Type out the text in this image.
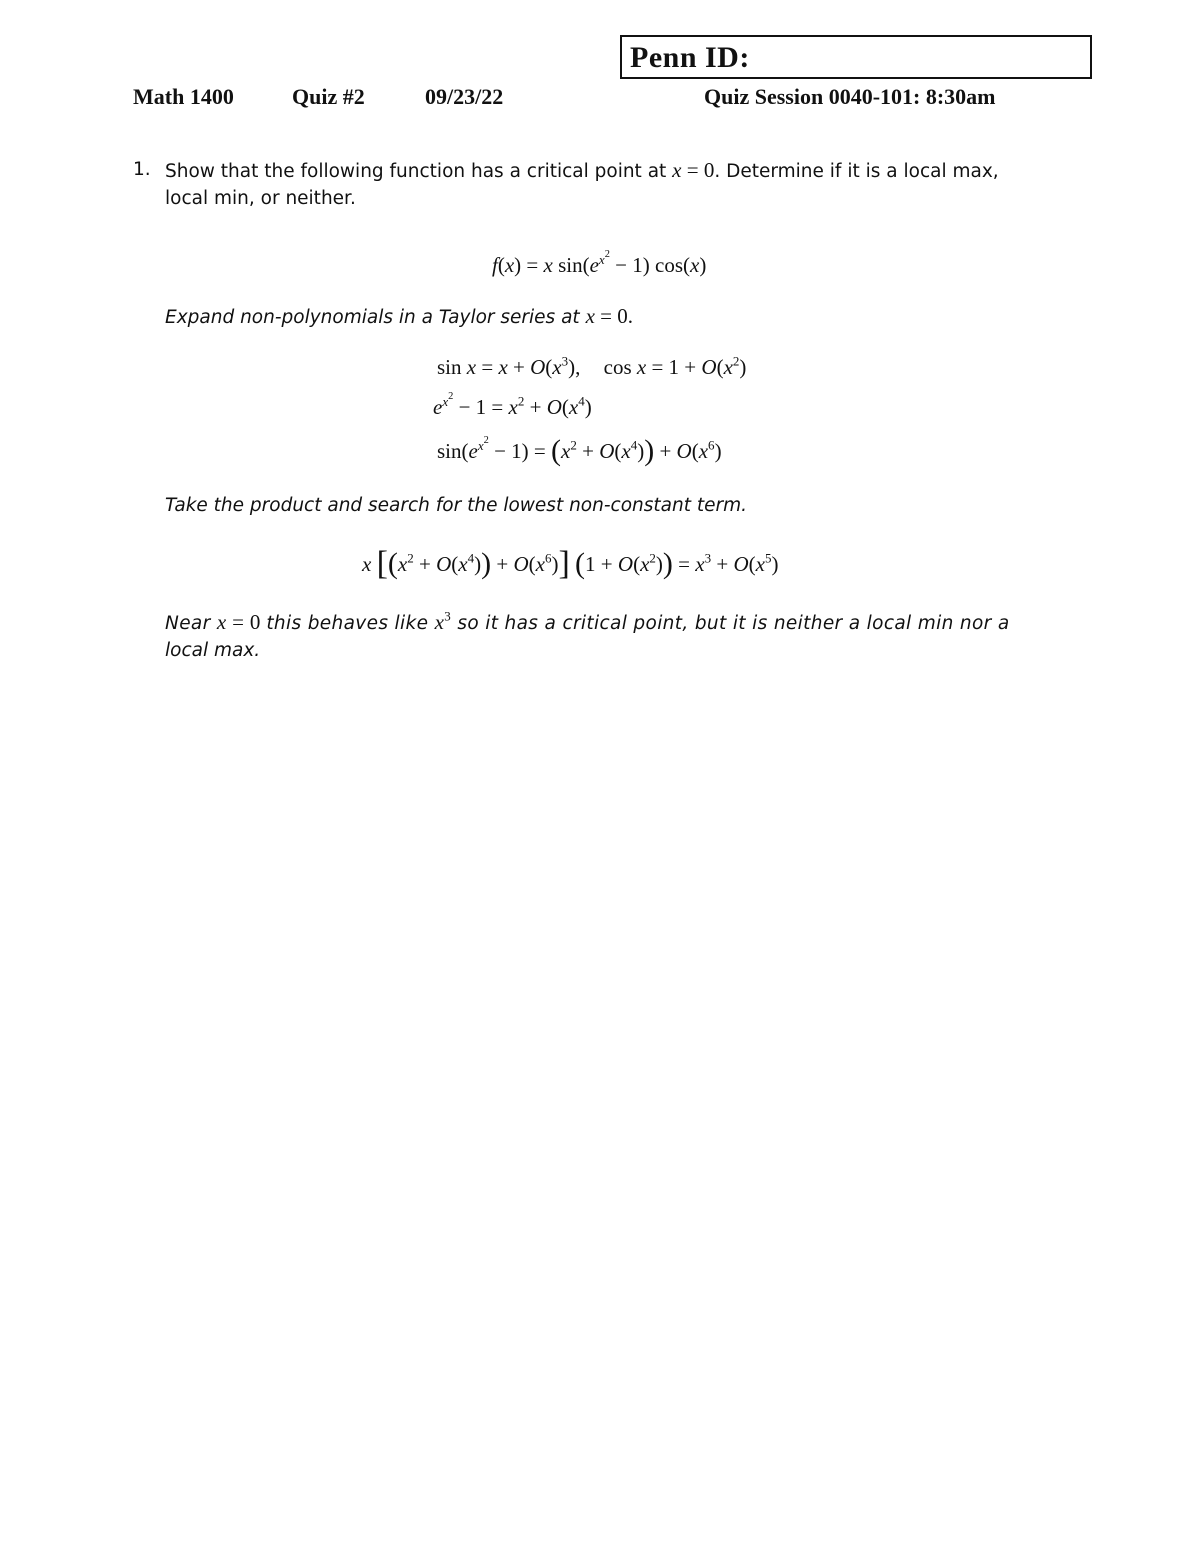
Penn ID:
Math 1400	Quiz #2	09/23/22	Quiz Session 0040-101: 8:30am
1. Show that the following function has a critical point at x = 0. Determine if it is a local max,
local min, or neither.
f(x) = x $\sin(e^{x^2} - 1)$ cos(x)
Expand non-polynomials in a Taylor series at x = 0.
$\sin x = x + O(x^3)$, $\cos x = 1 + O(x^2)$
$e^{x^2} - 1 = x^2 + O(x^4)$
$\sin(e^{x^2} - 1) = (x^2 + O(x^4)) + O(x^6)$
Take the product and search for the lowest non-constant term.
x $[(x^2 + O(x^4)) + O(x^6)] (1 + O(x^2)) = x^3 + O(x^5)$
Near x = 0 this behaves like $x^3$ so it has a critical point, but it is neither a local min nor a
local max.
